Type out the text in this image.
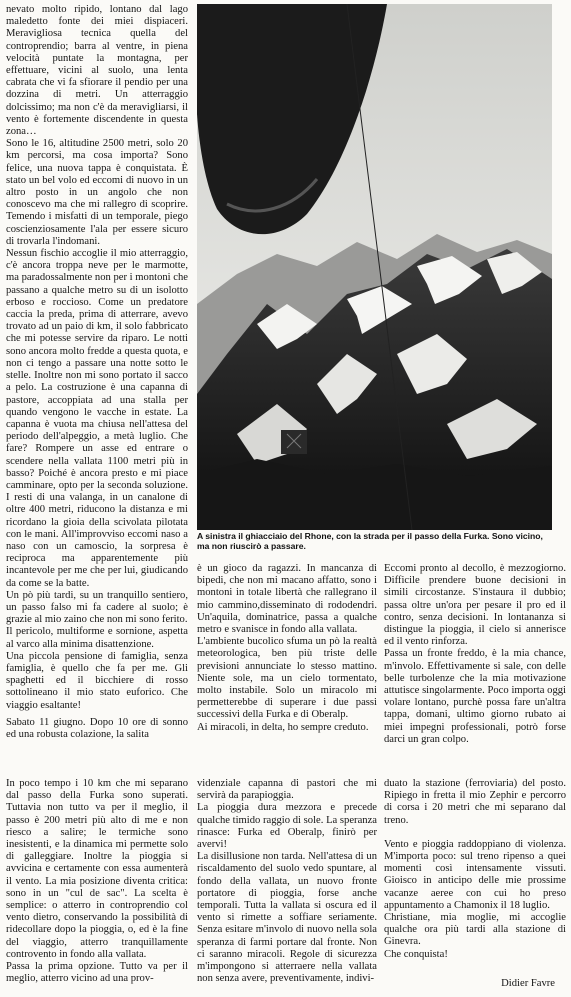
nevato molto ripido, lontano dal lago maledetto fonte dei miei dispiaceri. Meravigliosa tecnica quella del controprendio; barra al ventre, in piena velocità puntate la montagna, per effettuare, vicini al suolo, una lenta cabrata che vi fa sfiorare il pendio per una dozzina di metri. Un atterraggio dolcissimo; ma non c'è da meravigliarsi, il vento è fortemente discendente in questa zona…

Sono le 16, altitudine 2500 metri, solo 20 km percorsi, ma cosa importa? Sono felice, una nuova tappa è conquistata. È stato un bel volo ed eccomi di nuovo in un altro posto in un angolo che non conoscevo ma che mi rallegro di scoprire. Temendo i misfatti di un temporale, piego coscienziosamente l'ala per essere sicuro di trovarla l'indomani.

Nessun fischio accoglie il mio atterraggio, c'è ancora troppa neve per le marmotte, ma paradossalmente non per i montoni che passano a qualche metro su di un isolotto erboso e roccioso. Come un predatore caccia la preda, prima di atterrare, avevo trovato ad un paio di km, il solo fabbricato che mi potesse servire da riparo. Le notti sono ancora molto fredde a questa quota, e non ci tengo a passare una notte sotto le stelle. Inoltre non mi sono portato il sacco a pelo. La costruzione è una capanna di pastore, accoppiata ad una stalla per quando vengono le vacche in estate. La capanna è vuota ma chiusa nell'attesa del periodo dell'alpeggio, a metà luglio. Che fare? Rompere un asse ed entrare o scendere nella vallata 1100 metri più in basso? Poiché è ancora presto e mi piace camminare, opto per la seconda soluzione. I resti di una valanga, in un canalone di oltre 400 metri, riducono la distanza e mi ricordano la gioia della scivolata pilotata con le mani. All'improvviso eccomi naso a naso con un camoscio, la sorpresa è reciproca ma apparentemente più incantevole per me che per lui, giudicando da come se la batte.

Un pò più tardi, su un tranquillo sentiero, un passo falso mi fa cadere al suolo; è grazie al mio zaino che non mi sono ferito.

Il pericolo, multiforme e sornione, aspetta al varco alla minima disattenzione.

Una piccola pensione di famiglia, senza famiglia, è quello che fa per me. Gli spaghetti ed il bicchiere di rosso sottolineano il mio stato euforico. Che viaggio esaltante!

Sabato 11 giugno. Dopo 10 ore di sonno ed una robusta colazione, la salita

A sinistra il ghiacciaio del Rhone, con la strada per il passo della Furka. Sono vicino, ma non riuscirò a passare.

è un gioco da ragazzi. In mancanza di bipedi, che non mi macano affatto, sono i montoni in totale libertà che rallegrano il mio cammino,disseminato di rododendri. Un'aquila, dominatrice, passa a qualche metro e svanisce in fondo alla vallata.

L'ambiente bucolico sfuma un pò la realtà meteorologica, ben più triste delle previsioni annunciate lo stesso mattino. Niente sole, ma un cielo tormentato, molto instabile. Solo un miracolo mi permetterebbe di superare i due passi successivi della Furka e di Oberalp.

Ai miracoli, in delta, ho sempre creduto.

Eccomi pronto al decollo, è mezzogiorno. Difficile prendere buone decisioni in simili circostanze. S'instaura il dubbio; passa oltre un'ora per pesare il pro ed il contro, senza decisioni. In lontananza si distingue la pioggia, il cielo si annerisce ed il vento rinforza.

Passa un fronte freddo, è la mia chance, m'involo. Effettivamente si sale, con delle belle turbolenze che la mia motivazione attutisce singolarmente. Poco importa oggi volare lontano, purchè possa fare un'altra tappa, domani, ultimo giorno rubato ai miei impegni professionali, potrò forse darci un gran colpo.

In poco tempo i 10 km che mi separano dal passo della Furka sono superati. Tuttavia non tutto va per il meglio, il passo è 200 metri più alto di me e non riesco a salire; le termiche sono inesistenti, e la dinamica mi permette solo di galleggiare. Inoltre la pioggia si avvicina e certamente con essa aumenterà il vento. La mia posizione diventa critica: sono in un "cul de sac". La scelta è semplice: o atterro in controprendio col vento dietro, conservando la possibilità di ridecollare dopo la pioggia, o, ed è la fine del viaggio, atterro tranquillamente controvento in fondo alla vallata.

Passa la prima opzione. Tutto va per il meglio, atterro vicino ad una prov-

videnziale capanna di pastori che mi servirà da parapioggia.

La pioggia dura mezzora e precede qualche timido raggio di sole. La speranza rinasce: Furka ed Oberalp, finirò per avervi!

La disillusione non tarda. Nell'attesa di un riscaldamento del suolo vedo spuntare, al fondo della vallata, un nuovo fronte portatore di pioggia, forse anche temporali. Tutta la vallata si oscura ed il vento si rimette a soffiare seriamente. Senza esitare m'involo di nuovo nella sola speranza di farmi portare dal fronte. Non ci saranno miracoli. Regole di sicurezza m'impongono si atterraere nella vallata non senza avere, preventivamente, indivi-

duato la stazione (ferroviaria) del posto. Ripiego in fretta il mio Zephir e percorro di corsa i 20 metri che mi separano dal treno.

Vento e pioggia raddoppiano di violenza. M'importa poco: sul treno ripenso a quei momenti così intensamente vissuti. Gioisco in anticipo delle mie prossime vacanze aeree con cui ho preso appuntamento a Chamonix il 18 luglio.

Christiane, mia moglie, mi accoglie qualche ora più tardi alla stazione di Ginevra.

Che conquista!

Didier Favre
